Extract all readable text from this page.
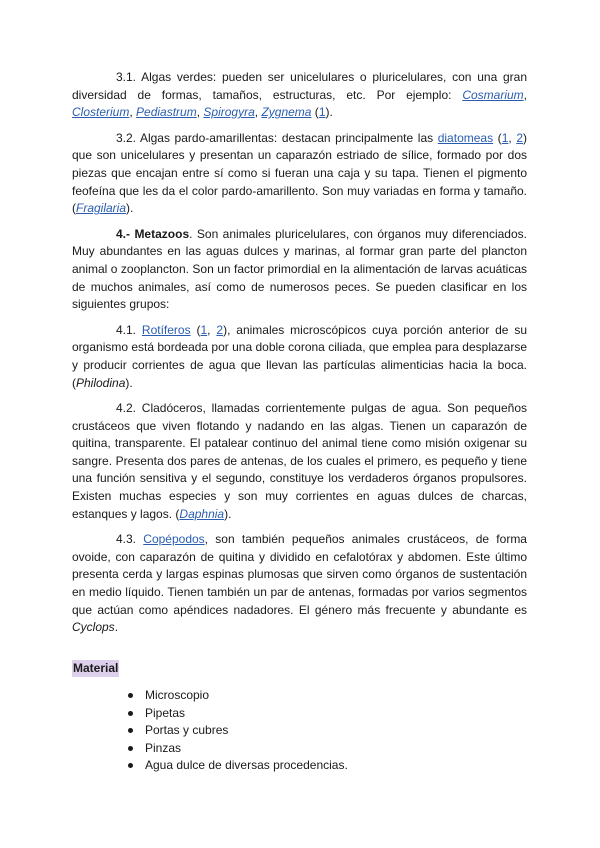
3.1. Algas verdes: pueden ser unicelulares o pluricelulares, con una gran diversidad de formas, tamaños, estructuras, etc. Por ejemplo: Cosmarium, Closterium, Pediastrum, Spirogyra, Zygnema (1).

3.2. Algas pardo-amarillentas: destacan principalmente las diatomeas (1, 2) que son unicelulares y presentan un caparazón estriado de sílice, formado por dos piezas que encajan entre sí como si fueran una caja y su tapa. Tienen el pigmento feofeína que les da el color pardo-amarillento. Son muy variadas en forma y tamaño. (Fragilaria).

4.- Metazoos. Son animales pluricelulares, con órganos muy diferenciados. Muy abundantes en las aguas dulces y marinas, al formar gran parte del plancton animal o zooplancton. Son un factor primordial en la alimentación de larvas acuáticas de muchos animales, así como de numerosos peces. Se pueden clasificar en los siguientes grupos:

4.1. Rotíferos (1, 2), animales microscópicos cuya porción anterior de su organismo está bordeada por una doble corona ciliada, que emplea para desplazarse y producir corrientes de agua que llevan las partículas alimenticias hacia la boca. (Philodina).

4.2. Cladóceros, llamadas corrientemente pulgas de agua. Son pequeños crustáceos que viven flotando y nadando en las algas. Tienen un caparazón de quitina, transparente. El patalear continuo del animal tiene como misión oxigenar su sangre. Presenta dos pares de antenas, de los cuales el primero, es pequeño y tiene una función sensitiva y el segundo, constituye los verdaderos órganos propulsores. Existen muchas especies y son muy corrientes en aguas dulces de charcas, estanques y lagos. (Daphnia).

4.3. Copépodos, son también pequeños animales crustáceos, de forma ovoide, con caparazón de quitina y dividido en cefalotórax y abdomen. Este último presenta cerda y largas espinas plumosas que sirven como órganos de sustentación en medio líquido. Tienen también un par de antenas, formadas por varios segmentos que actúan como apéndices nadadores. El género más frecuente y abundante es Cyclops.

Material
Microscopio
Pipetas
Portas y cubres
Pinzas
Agua dulce de diversas procedencias.
